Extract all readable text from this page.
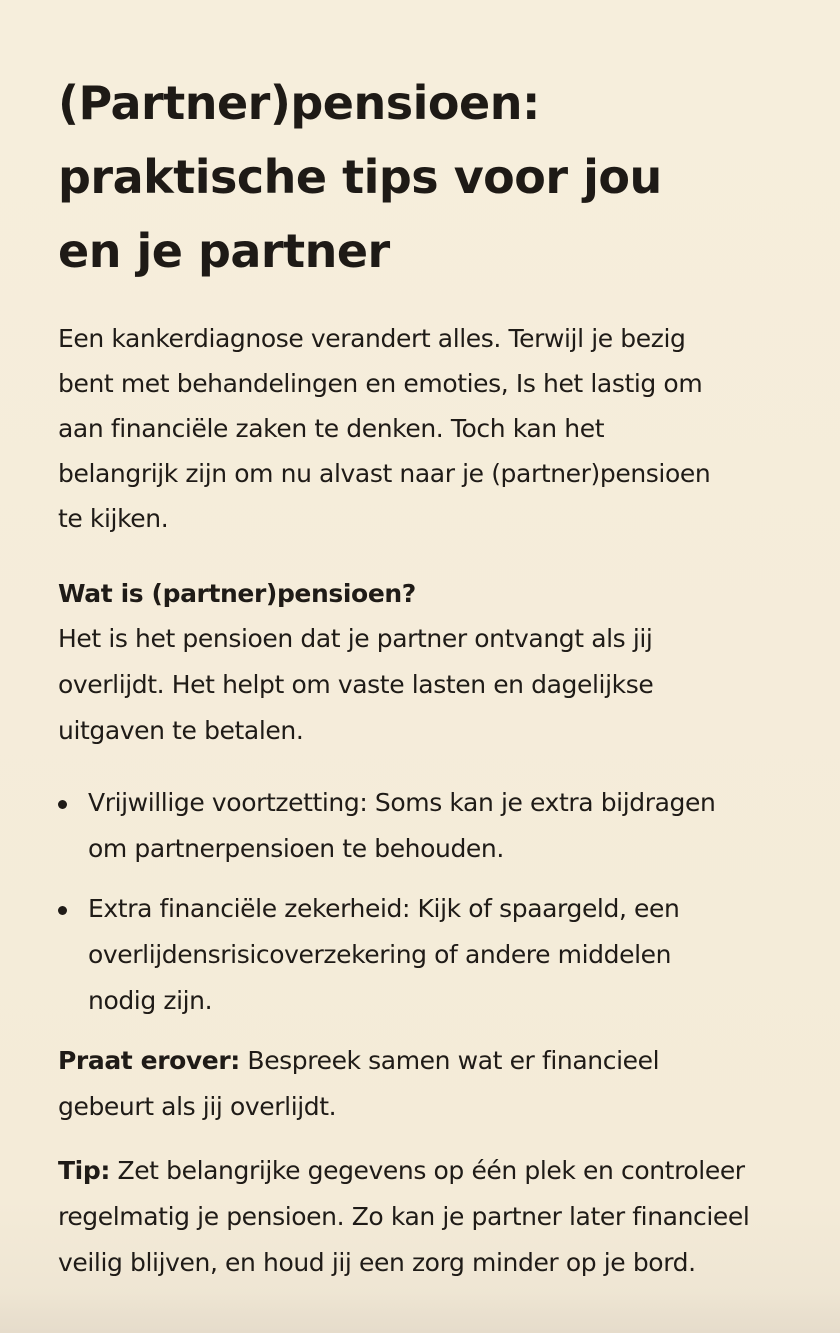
(Partner)pensioen:
praktische tips voor jou
en je partner
Een kankerdiagnose verandert alles. Terwijl je bezig
bent met behandelingen en emoties, Is het lastig om
aan financiële zaken te denken. Toch kan het
belangrijk zijn om nu alvast naar je (partner)pensioen
te kijken.
Wat is (partner)pensioen?
Het is het pensioen dat je partner ontvangt als jij
overlijdt. Het helpt om vaste lasten en dagelijkse
uitgaven te betalen.
Vrijwillige voortzetting: Soms kan je extra bijdragen
om partnerpensioen te behouden.
Extra financiële zekerheid: Kijk of spaargeld, een
overlijdensrisicoverzekering of andere middelen
nodig zijn.
Praat erover: Bespreek samen wat er financieel
gebeurt als jij overlijdt.
Tip: Zet belangrijke gegevens op één plek en controleer
regelmatig je pensioen. Zo kan je partner later financieel
veilig blijven, en houd jij een zorg minder op je bord.
